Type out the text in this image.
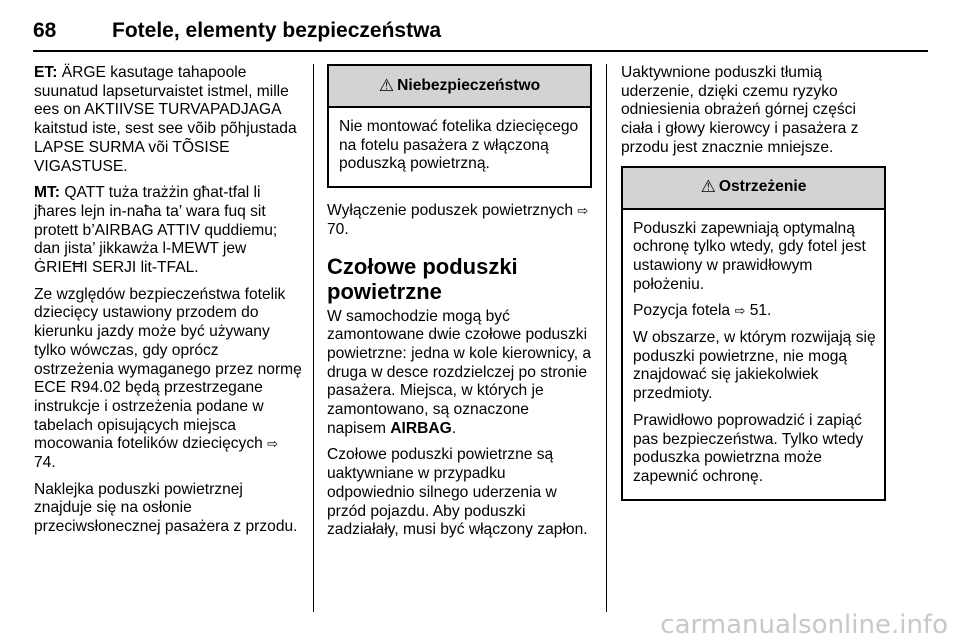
68	Fotele, elementy bezpieczeństwa

ET: ÄRGE kasutage tahapoole suunatud lapseturvaistet istmel, mille ees on AKTIIVSE TURVAPADJAGA kaitstud iste, sest see võib põhjustada LAPSE SURMA või TÕSISE VIGASTUSE.

MT: QATT tuża trażżin għat-tfal li jħares lejn in-naħa ta’ wara fuq sit protett b’AIRBAG ATTIV quddiemu; dan jista’ jikkawża l-MEWT jew ĠRIEĦI SERJI lit-TFAL.

Ze względów bezpieczeństwa fotelik dziecięcy ustawiony przodem do kierunku jazdy może być używany tylko wówczas, gdy oprócz ostrzeżenia wymaganego przez normę ECE R94.02 będą przestrzegane instrukcje i ostrzeżenia podane w tabelach opisujących miejsca mocowania fotelików dziecięcych ⇨ 74.

Naklejka poduszki powietrznej znajduje się na osłonie przeciwsłonecznej pasażera z przodu.

⚠ Niebezpieczeństwo

Nie montować fotelika dziecięcego na fotelu pasażera z włączoną poduszką powietrzną.

Wyłączenie poduszek powietrznych ⇨ 70.

Czołowe poduszki powietrzne

W samochodzie mogą być zamontowane dwie czołowe poduszki powietrzne: jedna w kole kierownicy, a druga w desce rozdzielczej po stronie pasażera. Miejsca, w których je zamontowano, są oznaczone napisem AIRBAG.

Czołowe poduszki powietrzne są uaktywniane w przypadku odpowiednio silnego uderzenia w przód pojazdu. Aby poduszki zadziałały, musi być włączony zapłon.

Uaktywnione poduszki tłumią uderzenie, dzięki czemu ryzyko odniesienia obrażeń górnej części ciała i głowy kierowcy i pasażera z przodu jest znacznie mniejsze.

⚠ Ostrzeżenie

Poduszki zapewniają optymalną ochronę tylko wtedy, gdy fotel jest ustawiony w prawidłowym położeniu.

Pozycja fotela ⇨ 51.

W obszarze, w którym rozwijają się poduszki powietrzne, nie mogą znajdować się jakiekolwiek przedmioty.

Prawidłowo poprowadzić i zapiąć pas bezpieczeństwa. Tylko wtedy poduszka powietrzna może zapewnić ochronę.

carmanualsonline.info
